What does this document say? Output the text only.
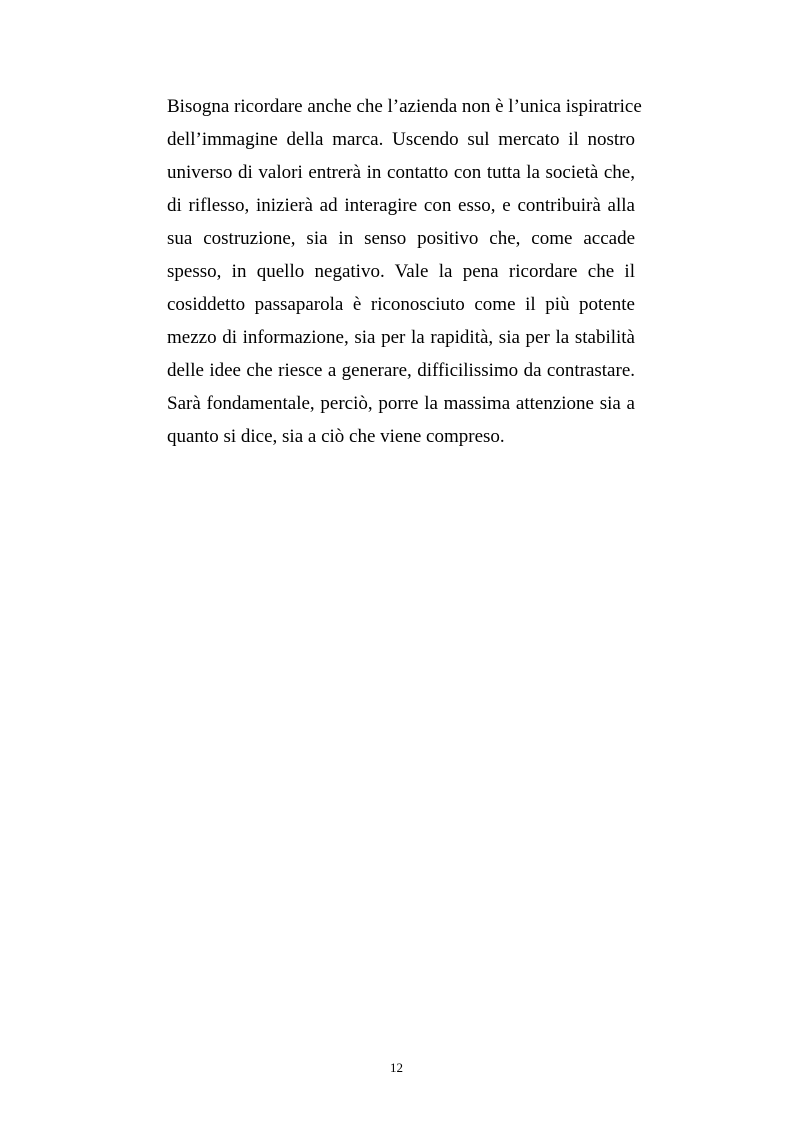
Bisogna ricordare anche che l’azienda non è l’unica ispiratrice
dell’immagine della marca. Uscendo sul mercato il nostro
universo di valori entrerà in contatto con tutta la società che,
di riflesso, inizierà ad interagire con esso, e contribuirà alla
sua costruzione, sia in senso positivo che, come accade
spesso, in quello negativo. Vale la pena ricordare che il
cosiddetto passaparola è riconosciuto come il più potente
mezzo di informazione, sia per la rapidità, sia per la stabilità
delle idee che riesce a generare, difficilissimo da contrastare.
Sarà fondamentale, perciò, porre la massima attenzione sia a
quanto si dice, sia a ciò che viene compreso.

12
